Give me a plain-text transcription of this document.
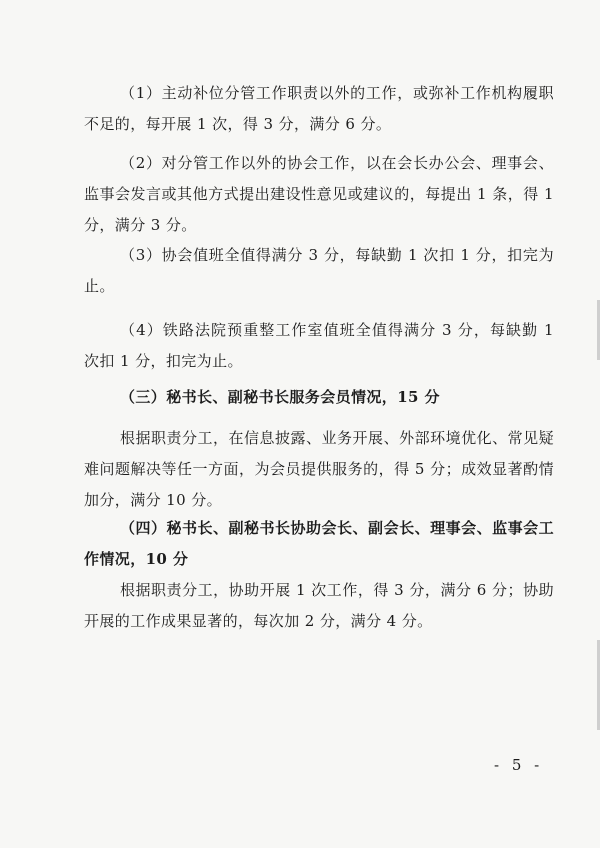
（1）主动补位分管工作职责以外的工作，或弥补工作机构履职不足的，每开展 1 次，得 3 分，满分 6 分。

（2）对分管工作以外的协会工作，以在会长办公会、理事会、监事会发言或其他方式提出建设性意见或建议的，每提出 1 条，得 1 分，满分 3 分。

（3）协会值班全值得满分 3 分，每缺勤 1 次扣 1 分，扣完为止。

（4）铁路法院预重整工作室值班全值得满分 3 分，每缺勤 1 次扣 1 分，扣完为止。

（三）秘书长、副秘书长服务会员情况，15 分

根据职责分工，在信息披露、业务开展、外部环境优化、常见疑难问题解决等任一方面，为会员提供服务的，得 5 分；成效显著酌情加分，满分 10 分。

（四）秘书长、副秘书长协助会长、副会长、理事会、监事会工作情况，10 分

根据职责分工，协助开展 1 次工作，得 3 分，满分 6 分；协助开展的工作成果显著的，每次加 2 分，满分 4 分。

- 5 -
